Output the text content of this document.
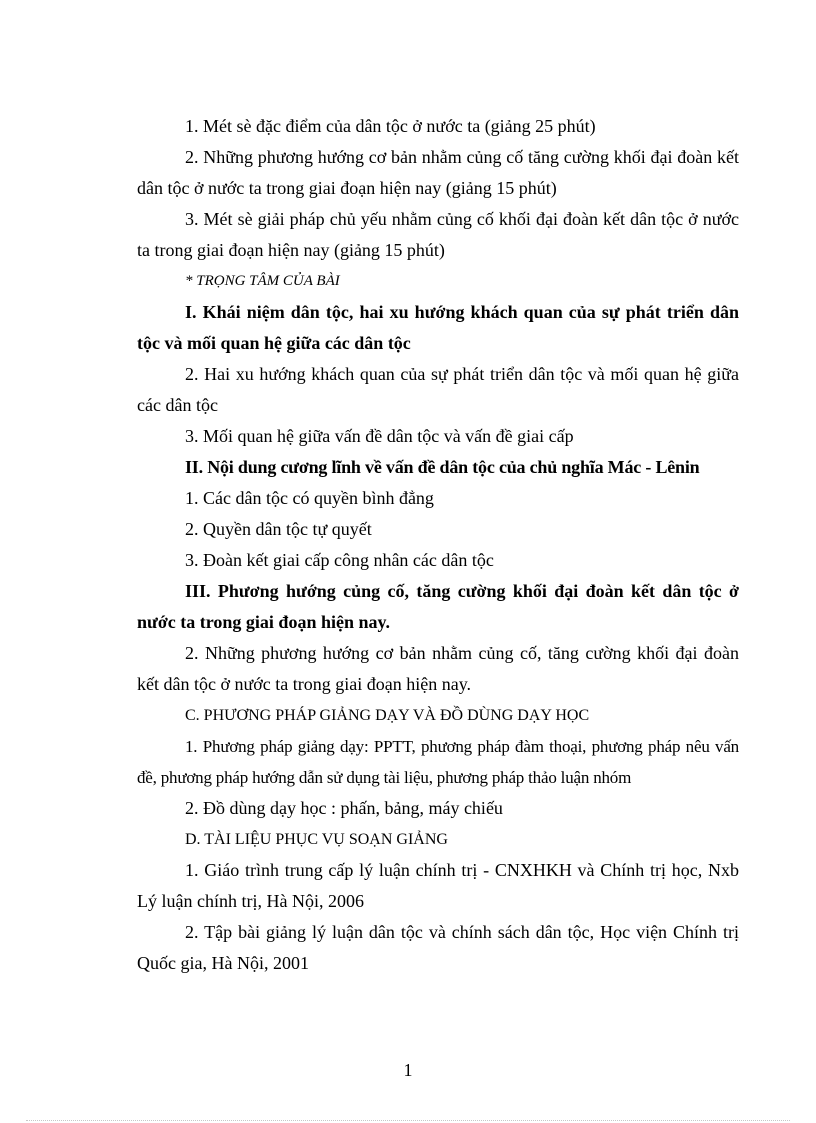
1. Mét sè đặc điểm của dân tộc ở nước ta (giảng 25 phút)

2. Những phương hướng cơ bản nhằm củng cố tăng cường khối đại đoàn kết dân tộc ở nước ta trong giai đoạn hiện nay (giảng 15 phút)

3. Mét sè giải pháp chủ yếu nhằm củng cố khối đại đoàn kết dân tộc ở nước ta trong giai đoạn hiện nay (giảng 15 phút)

* TRỌNG TÂM CỦA BÀI

I. Khái niệm dân tộc, hai xu hướng khách quan của sự phát triển dân tộc và mối quan hệ giữa các dân tộc

2. Hai xu hướng khách quan của sự phát triển dân tộc và mối quan hệ giữa các dân tộc

3. Mối quan hệ giữa vấn đề dân tộc và vấn đề giai cấp

II. Nội dung cương lĩnh về vấn đề dân tộc của chủ nghĩa Mác - Lênin

1. Các dân tộc có quyền bình đẳng

2. Quyền dân tộc tự quyết

3. Đoàn kết giai cấp công nhân các dân tộc

III. Phương hướng củng cố, tăng cường khối đại đoàn kết dân tộc ở nước ta trong giai đoạn hiện nay.

2. Những phương hướng cơ bản nhằm củng cố, tăng cường khối đại đoàn kết dân tộc ở nước ta trong giai đoạn hiện nay.

C. PHƯƠNG PHÁP GIẢNG DẠY VÀ ĐỒ DÙNG DẠY HỌC

1. Phương pháp giảng dạy: PPTT, phương pháp đàm thoại, phương pháp nêu vấn đề, phương pháp hướng dẫn sử dụng tài liệu, phương pháp thảo luận nhóm

2. Đồ dùng dạy học : phấn, bảng, máy chiếu

D. TÀI LIỆU PHỤC VỤ SOẠN GIẢNG

1. Giáo trình trung cấp lý luận chính trị - CNXHKH và Chính trị học, Nxb Lý luận chính trị, Hà Nội, 2006

2. Tập bài giảng lý luận dân tộc và chính sách dân tộc, Học viện Chính trị Quốc gia, Hà Nội, 2001

1
